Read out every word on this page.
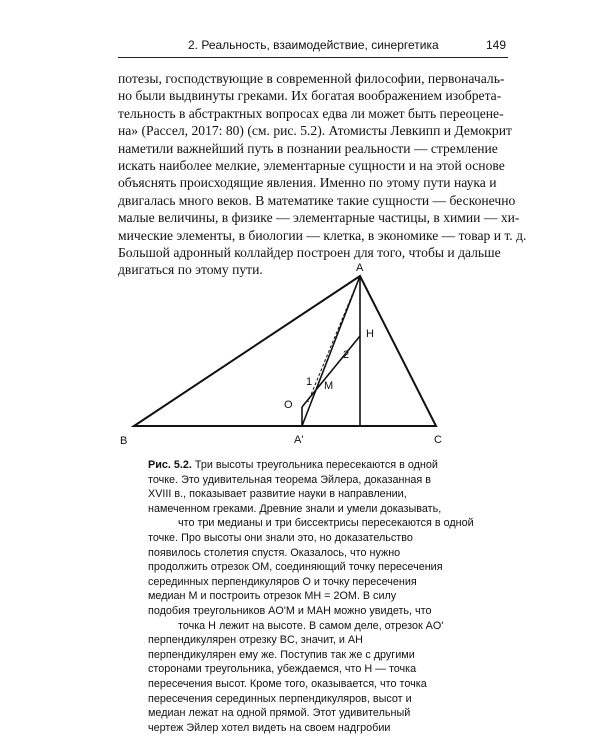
2. Реальность, взаимодействие, синергетика	149
потезы, господствующие в современной философии, первоначаль-
но были выдвинуты греками. Их богатая воображением изобрета-
тельность в абстрактных вопросах едва ли может быть переоцене-
на» (Рассел, 2017: 80) (см. рис. 5.2). Атомисты Левкипп и Демокрит
наметили важнейший путь в познании реальности — стремление
искать наиболее мелкие, элементарные сущности и на этой основе
объяснять происходящие явления. Именно по этому пути наука и
двигалась много веков. В математике такие сущности — бесконечно
малые величины, в физике — элементарные частицы, в химии — хи-
мические элементы, в биологии — клетка, в экономике — товар и т. д.
Большой адронный коллайдер построен для того, чтобы и дальше
двигаться по этому пути.	A
B	C
A'
H
M
O
1
2
Рис. 5.2. Три высоты треугольника пересекаются в одной
точке. Это удивительная теорема Эйлера, доказанная в
XVIII в., показывает развитие науки в направлении,
намеченном греками. Древние знали и умели доказывать,
что три медианы и три биссектрисы пересекаются в одной
точке. Про высоты они знали это, но доказательство
появилось столетия спустя. Оказалось, что нужно
продолжить отрезок OM, соединяющий точку пересечения
серединных перпендикуляров O и точку пересечения
медиан M и построить отрезок MH = 2OM. В силу
подобия треугольников AO'M и MAH можно увидеть, что
точка H лежит на высоте. В самом деле, отрезок AO'
перпендикулярен отрезку BC, значит, и AH
перпендикулярен ему же. Поступив так же с другими
сторонами треугольника, убеждаемся, что H — точка
пересечения высот. Кроме того, оказывается, что точка
пересечения серединных перпендикуляров, высот и
медиан лежат на одной прямой. Этот удивительный
чертеж Эйлер хотел видеть на своем надгробии
